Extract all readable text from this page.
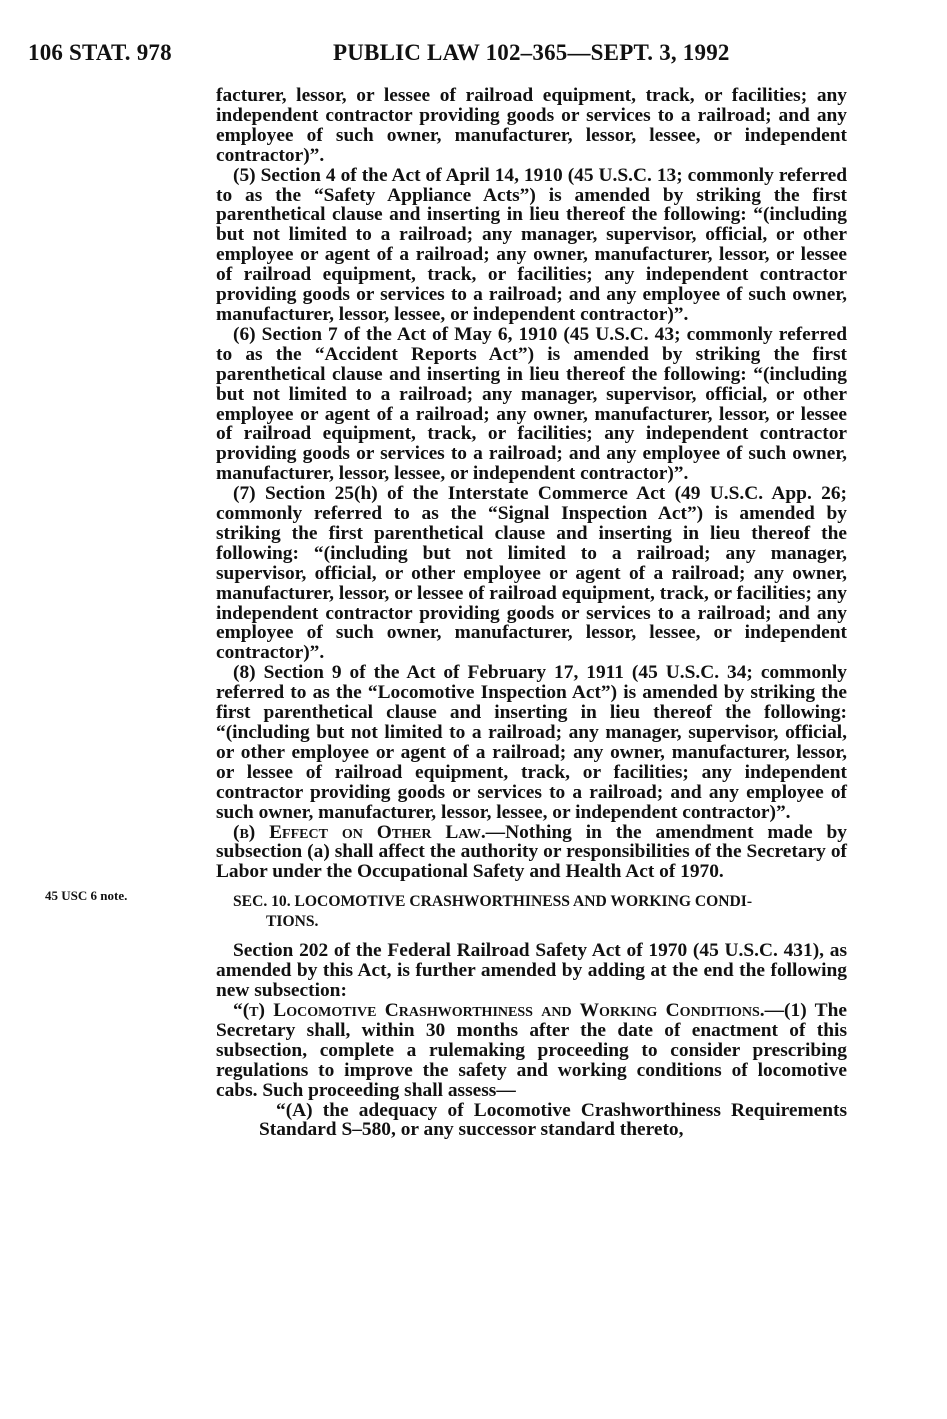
106 STAT. 978	PUBLIC LAW 102–365—SEPT. 3, 1992
45 USC 6 note.

facturer, lessor, or lessee of railroad equipment, track, or facilities; any independent contractor providing goods or services to a railroad; and any employee of such owner, manufacturer, lessor, lessee, or independent contractor)”.

(5) Section 4 of the Act of April 14, 1910 (45 U.S.C. 13; commonly referred to as the “Safety Appliance Acts”) is amended by striking the first parenthetical clause and inserting in lieu thereof the following: “(including but not limited to a railroad; any manager, supervisor, official, or other employee or agent of a railroad; any owner, manufacturer, lessor, or lessee of railroad equipment, track, or facilities; any independent contractor providing goods or services to a railroad; and any employee of such owner, manufacturer, lessor, lessee, or independent contractor)”.

(6) Section 7 of the Act of May 6, 1910 (45 U.S.C. 43; commonly referred to as the “Accident Reports Act”) is amended by striking the first parenthetical clause and inserting in lieu thereof the following: “(including but not limited to a railroad; any manager, supervisor, official, or other employee or agent of a railroad; any owner, manufacturer, lessor, or lessee of railroad equipment, track, or facilities; any independent contractor providing goods or services to a railroad; and any employee of such owner, manufacturer, lessor, lessee, or independent contractor)”.

(7) Section 25(h) of the Interstate Commerce Act (49 U.S.C. App. 26; commonly referred to as the “Signal Inspection Act”) is amended by striking the first parenthetical clause and inserting in lieu thereof the following: “(including but not limited to a railroad; any manager, supervisor, official, or other employee or agent of a railroad; any owner, manufacturer, lessor, or lessee of railroad equipment, track, or facilities; any independent contractor providing goods or services to a railroad; and any employee of such owner, manufacturer, lessor, lessee, or independent contractor)”.

(8) Section 9 of the Act of February 17, 1911 (45 U.S.C. 34; commonly referred to as the “Locomotive Inspection Act”) is amended by striking the first parenthetical clause and inserting in lieu thereof the following: “(including but not limited to a railroad; any manager, supervisor, official, or other employee or agent of a railroad; any owner, manufacturer, lessor, or lessee of railroad equipment, track, or facilities; any independent contractor providing goods or services to a railroad; and any employee of such owner, manufacturer, lessor, lessee, or independent contractor)”.

(b) Effect on Other Law.—Nothing in the amendment made by subsection (a) shall affect the authority or responsibilities of the Secretary of Labor under the Occupational Safety and Health Act of 1970.

SEC. 10. LOCOMOTIVE CRASHWORTHINESS AND WORKING CONDI-
TIONS.

Section 202 of the Federal Railroad Safety Act of 1970 (45 U.S.C. 431), as amended by this Act, is further amended by adding at the end the following new subsection:

“(t) Locomotive Crashworthiness and Working Conditions.—(1) The Secretary shall, within 30 months after the date of enactment of this subsection, complete a rulemaking proceeding to consider prescribing regulations to improve the safety and working conditions of locomotive cabs. Such proceeding shall assess—

“(A) the adequacy of Locomotive Crashworthiness Requirements Standard S–580, or any successor standard thereto,
